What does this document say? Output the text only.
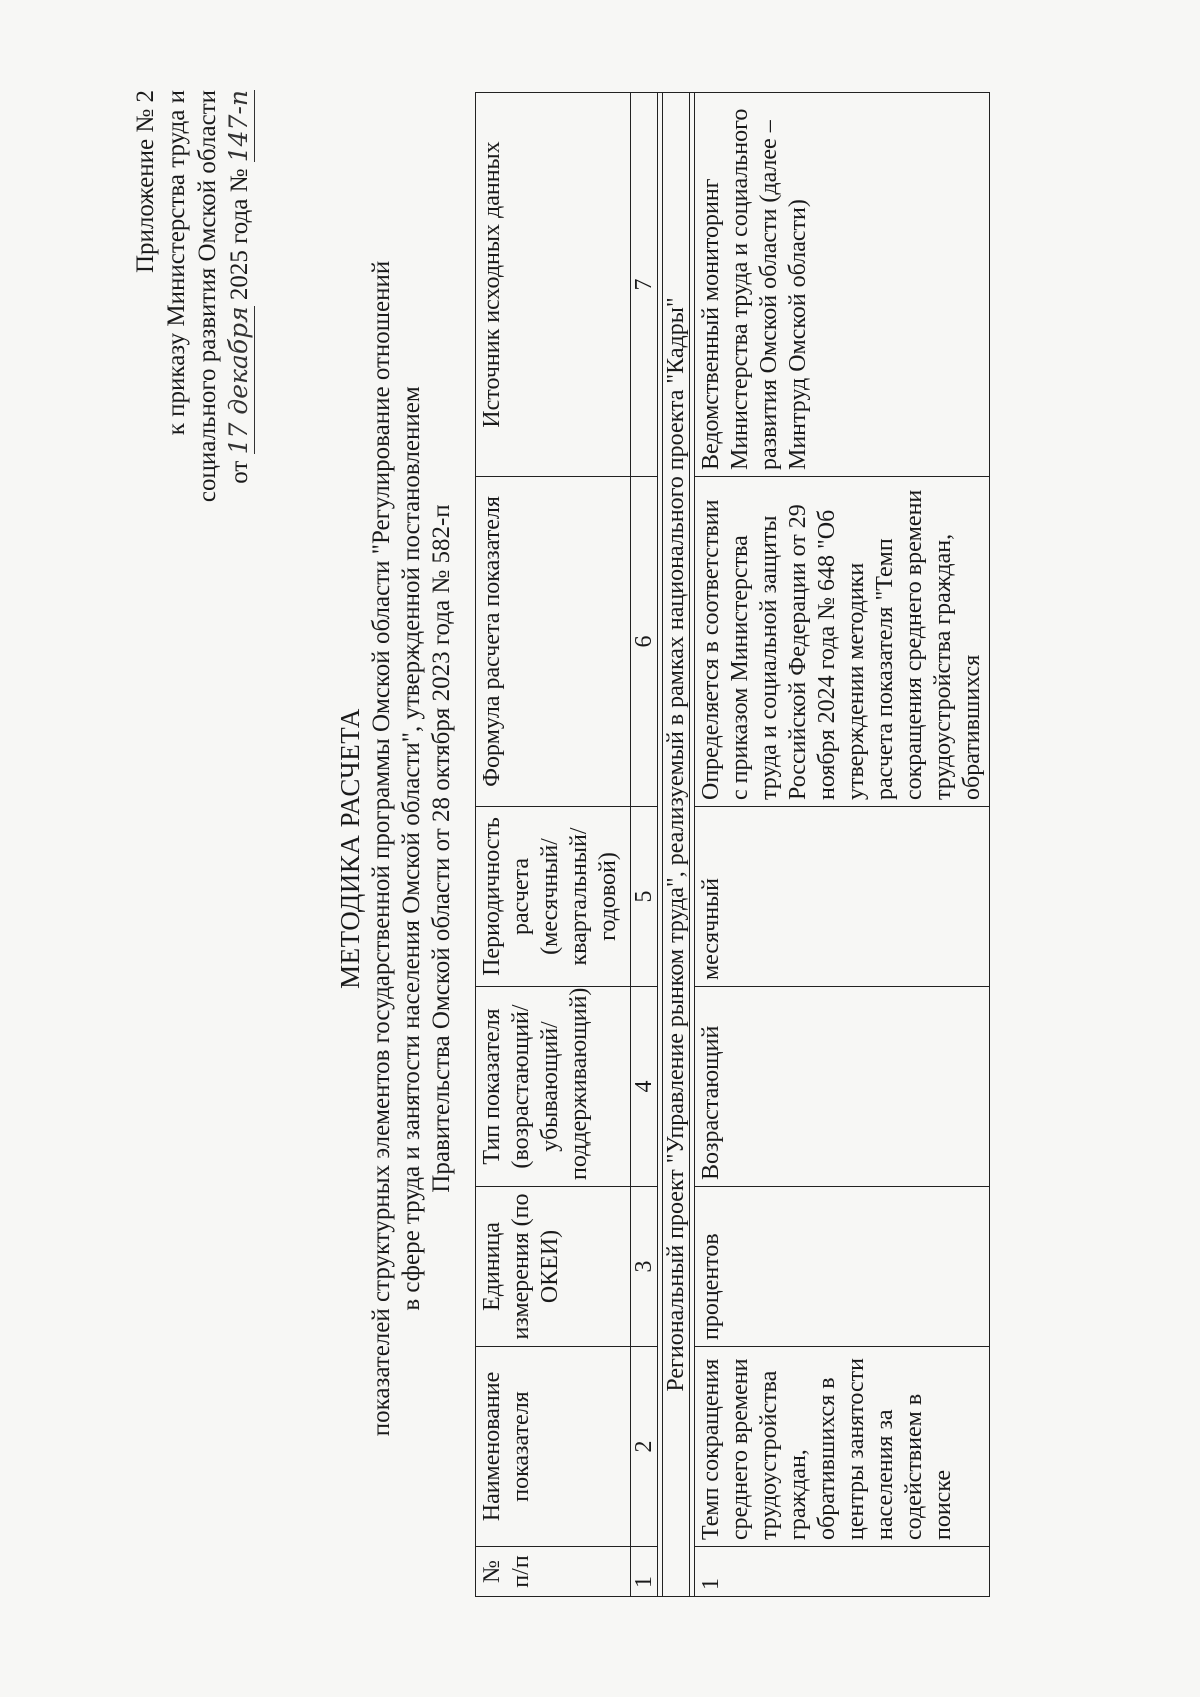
Приложение № 2 к приказу Министерства труда и социального развития Омской области от 17 декабря 2025 года № 147-п
МЕТОДИКА РАСЧЕТА показателей структурных элементов государственной программы Омской области "Регулирование отношений в сфере труда и занятости населения Омской области", утвержденной постановлением Правительства Омской области от 28 октября 2023 года № 582-п
№ п/п	Наименование показателя	Единица измерения (по ОКЕИ)	Тип показателя (возрастающий/ убывающий/ поддерживающий)	Периодичность расчета (месячный/ квартальный/ годовой)	Формула расчета показателя	Источник исходных данных
1	2	3	4	5	6	7

Региональный проект "Управление рынком труда", реализуемый в рамках национального проекта "Кадры"						

1	Темп сокращения среднего времени трудоустройства граждан, обратившихся в центры занятости населения за содействием в поиске	процентов	Возрастающий	месячный	Определяется в соответствии с приказом Министерства труда и социальной защиты Российской Федерации от 29 ноября 2024 года № 648 "Об утверждении методики расчета показателя "Темп сокращения среднего времени трудоустройства граждан, обратившихся	Ведомственный мониторинг Министерства труда и социального развития Омской области (далее – Минтруд Омской области)
